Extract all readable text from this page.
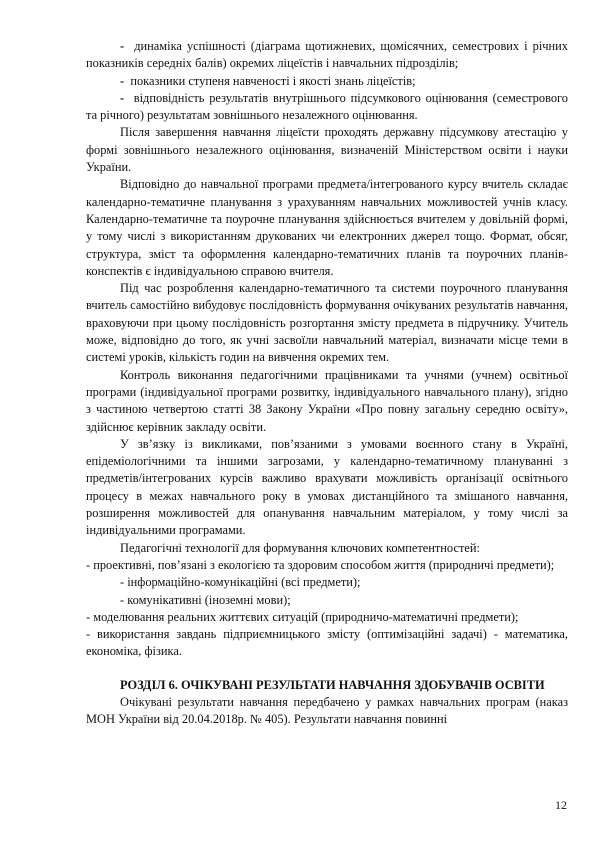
- динаміка успішності (діаграма щотижневих, щомісячних, семестрових і річних показників середніх балів) окремих ліцеїстів і навчальних підрозділів;

- показники ступеня навченості і якості знань ліцеїстів;

- відповідність результатів внутрішнього підсумкового оцінювання (семестрового та річного) результатам зовнішнього незалежного оцінювання.

Після завершення навчання ліцеїсти проходять державну підсумкову атестацію у формі зовнішнього незалежного оцінювання, визначеній Міністерством освіти і науки України.

Відповідно до навчальної програми предмета/інтегрованого курсу вчитель складає календарно-тематичне планування з урахуванням навчальних можливостей учнів класу. Календарно-тематичне та поурочне планування здійснюється вчителем у довільній формі, у тому числі з використанням друкованих чи електронних джерел тощо. Формат, обсяг, структура, зміст та оформлення календарно-тематичних планів та поурочних планів-конспектів є індивідуальною справою вчителя.

Під час розроблення календарно-тематичного та системи поурочного планування вчитель самостійно вибудовує послідовність формування очікуваних результатів навчання, враховуючи при цьому послідовність розгортання змісту предмета в підручнику. Учитель може, відповідно до того, як учні засвоїли навчальний матеріал, визначати місце теми в системі уроків, кількість годин на вивчення окремих тем.

Контроль виконання педагогічними працівниками та учнями (учнем) освітньої програми (індивідуальної програми розвитку, індивідуального навчального плану), згідно з частиною четвертою статті 38 Закону України «Про повну загальну середню освіту», здійснює керівник закладу освіти.

У зв’язку із викликами, пов’язаними з умовами воєнного стану в Україні, епідеміологічними та іншими загрозами, у календарно-тематичному плануванні з предметів/інтегрованих курсів важливо врахувати можливість організації освітнього процесу в межах навчального року в умовах дистанційного та змішаного навчання, розширення можливостей для опанування навчальним матеріалом, у тому числі за індивідуальними програмами.

Педагогічні технології для формування ключових компетентностей:

- проективні, пов’язані з екологією та здоровим способом життя (природничі предмети);

- інформаційно-комунікаційні (всі предмети);

- комунікативні (іноземні мови);

- моделювання реальних життєвих ситуацій (природничо-математичні предмети);

- використання завдань підприємницького змісту (оптимізаційні задачі) - математика, економіка, фізика.

РОЗДІЛ 6. ОЧІКУВАНІ РЕЗУЛЬТАТИ НАВЧАННЯ ЗДОБУВАЧІВ ОСВІТИ

Очікувані результати навчання передбачено у рамках навчальних програм (наказ МОН України від 20.04.2018р. № 405). Результати навчання повинні

12
